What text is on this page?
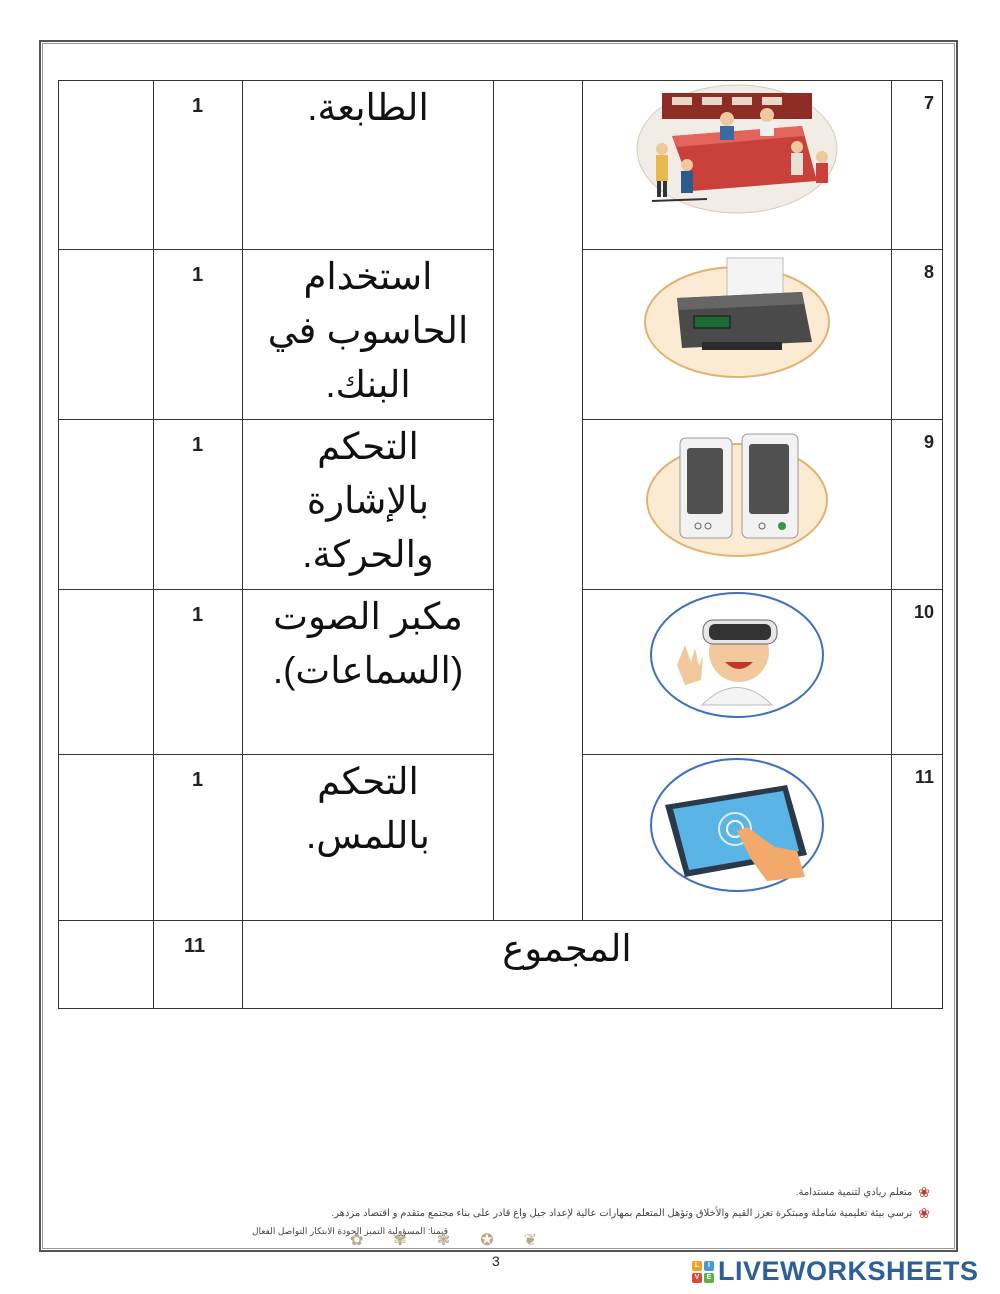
	1	الطابعة.			7

	1	استخدام الحاسوب في البنك.			8

	1	التحكم بالإشارة والحركة.			9

	1	مكبر الصوت (السماعات).			10

	1	التحكم باللمس.			11

	11	المجموع			

❀
متعلم ريادي لتنمية مستدامة.
❀
نرسي بيئة تعليمية شاملة ومبتكرة تعزز القيم والأخلاق وتؤهل المتعلم بمهارات عالية لإعداد جيل واع قادر على بناء مجتمع متقدم و اقتصاد مزدهر.
قيمنا: المسؤولية التميز الجودة الابتكار التواصل الفعال
✿ ✾ ❃ ✪ ❦
3	L	I
V	E LIVEWORKSHEETS
